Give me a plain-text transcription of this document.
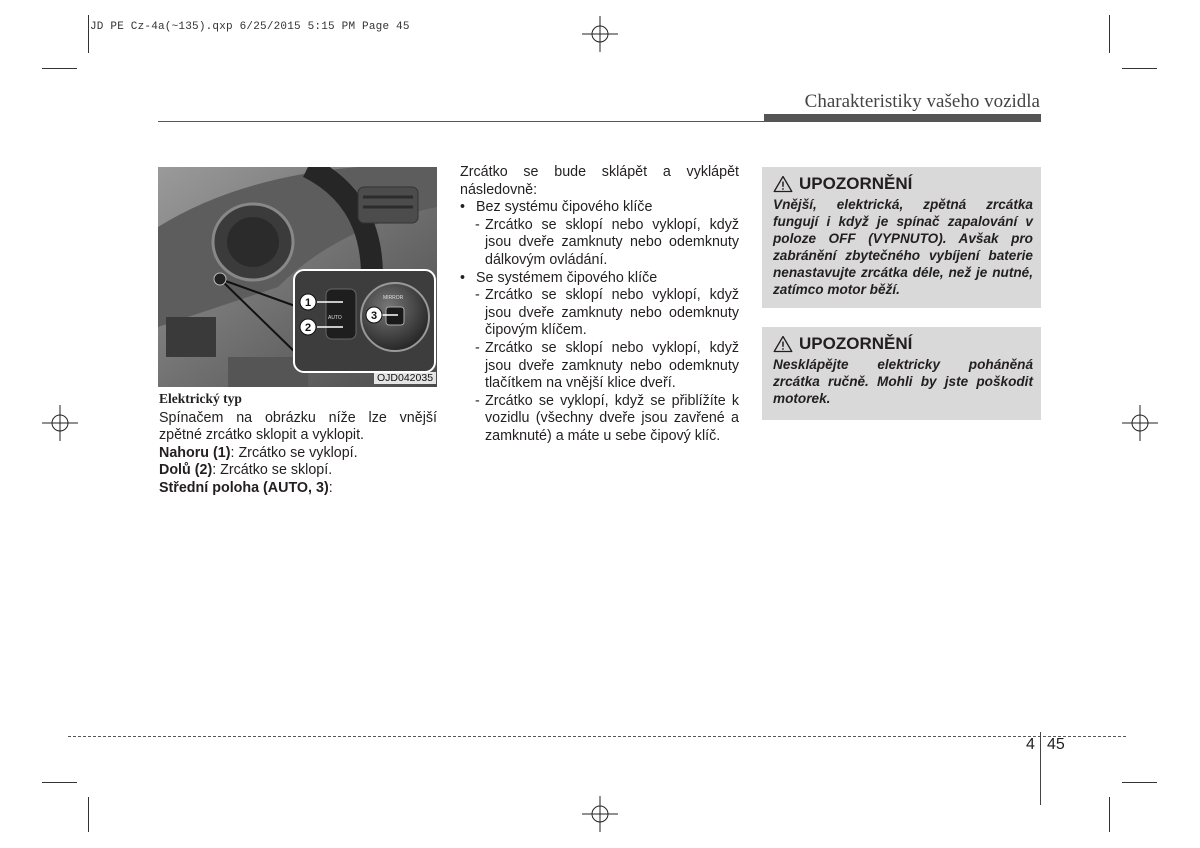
JD PE Cz-4a(~135).qxp 6/25/2015 5:15 PM Page 45
Charakteristiky vašeho vozidla
MIRROR
AUTO
1
2
3
OJD042035

Elektrický typ

Spínačem na obrázku níže lze vnější zpětné zrcátko sklopit a vyklopit.

Nahoru (1): Zrcátko se vyklopí.

Dolů (2): Zrcátko se sklopí.

Střední poloha (AUTO, 3):

Zrcátko se bude sklápět a vyklápět následovně:

• Bez systému čipového klíče
- Zrcátko se sklopí nebo vyklopí, když jsou dveře zamknuty nebo odemknuty dálkovým ovládání.
• Se systémem čipového klíče
- Zrcátko se sklopí nebo vyklopí, když jsou dveře zamknuty nebo odemknuty čipovým klíčem.
- Zrcátko se sklopí nebo vyklopí, když jsou dveře zamknuty nebo odemknuty tlačítkem na vnější klice dveří.
- Zrcátko se vyklopí, když se přiblížíte k vozidlu (všechny dveře jsou zavřené a zamknuté) a máte u sebe čipový klíč.
UPOZORNĚNÍ
Vnější, elektrická, zpětná zrcátka fungují i když je spínač zapalování v poloze OFF (VYPNUTO). Avšak pro zabránění zbytečného vybíjení baterie nenastavujte zrcátka déle, než je nutné, zatímco motor běží.
UPOZORNĚNÍ
Nesklápějte elektricky poháněná zrcátka ručně. Mohli by jste poškodit motorek.
4 45
